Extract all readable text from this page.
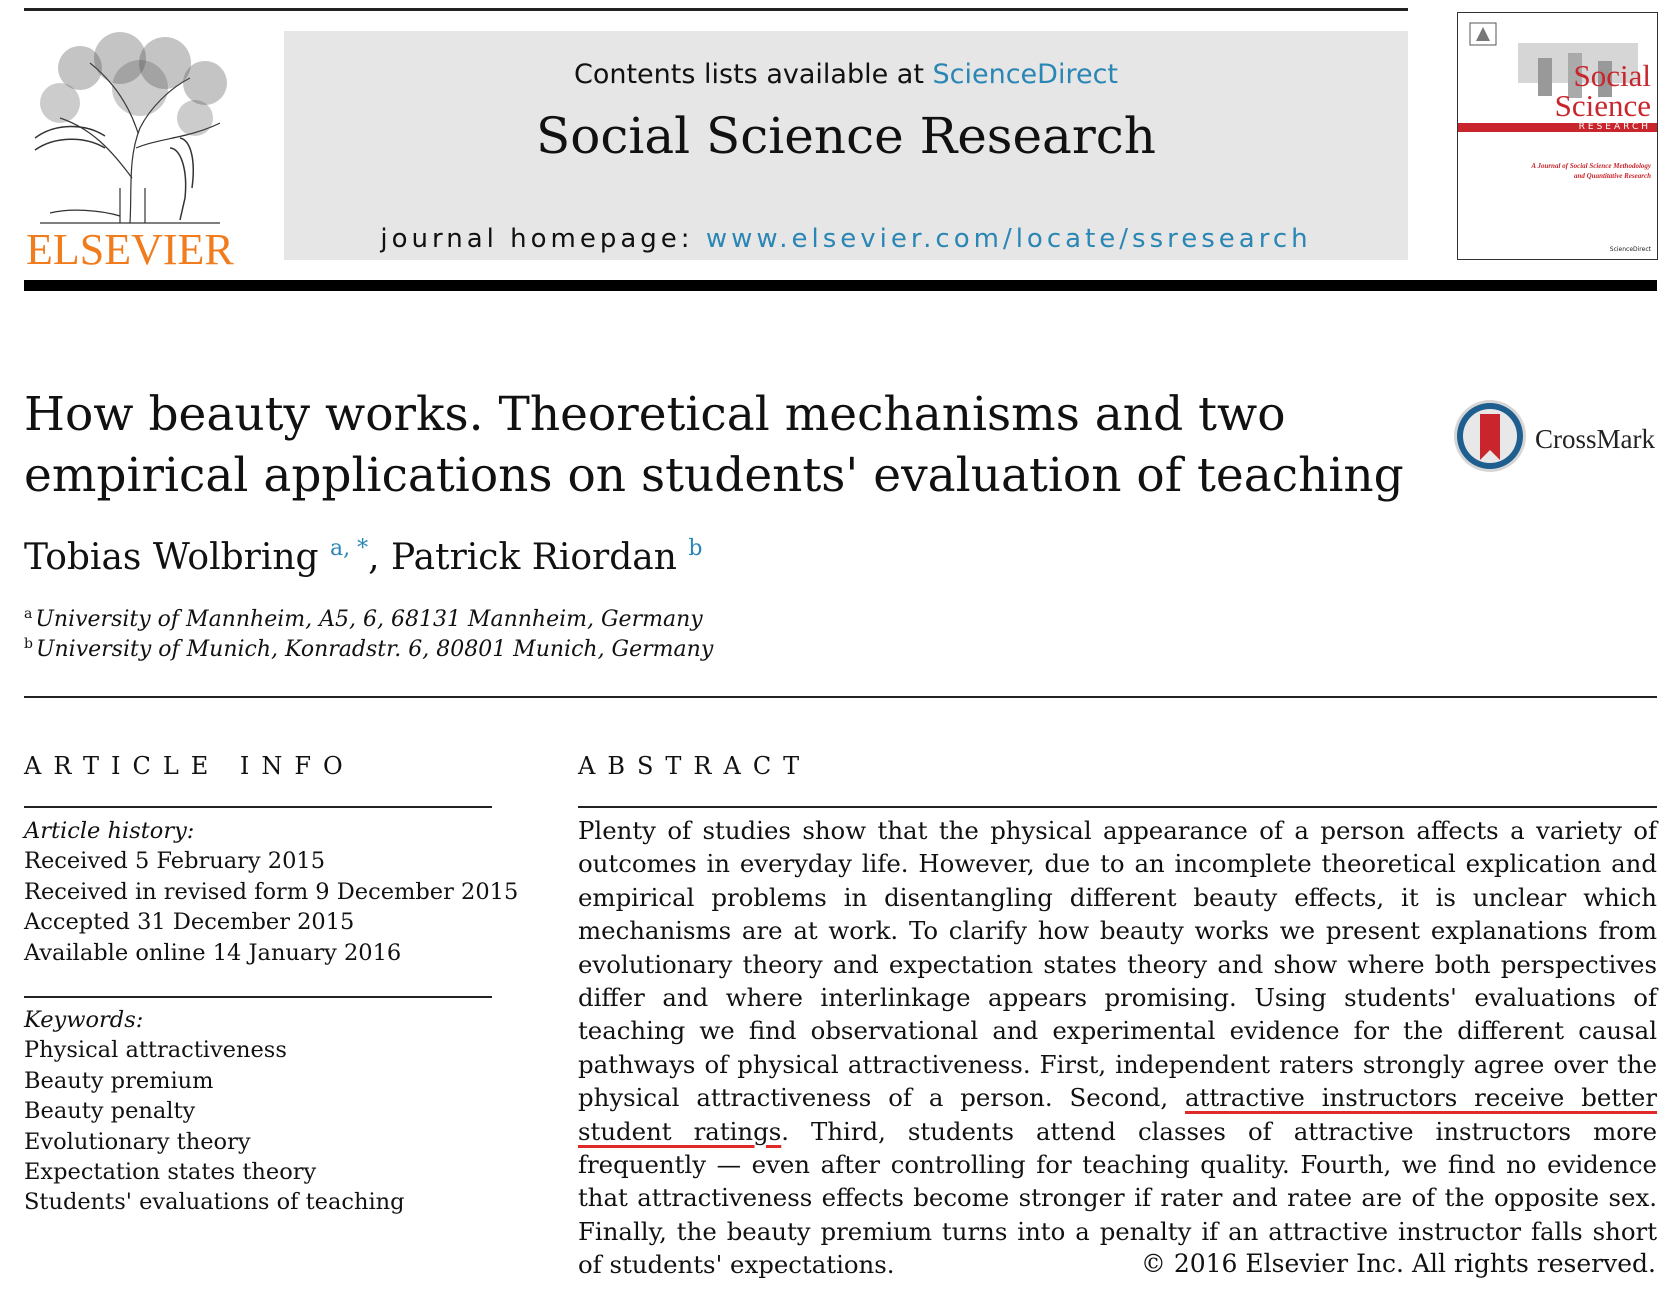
ELSEVIER
Contents lists available at ScienceDirect
Social Science Research
journal homepage: www.elsevier.com/locate/ssresearch
Social
Science
RESEARCH
A Journal of Social Science Methodology and Quantitative Research
ScienceDirect
How beauty works. Theoretical mechanisms and two
empirical applications on students' evaluation of teaching
CrossMark
Tobias Wolbring $^{a, *}$, Patrick Riordan $^b$
$^a$ University of Mannheim, A5, 6, 68131 Mannheim, Germany
$^b$ University of Munich, Konradstr. 6, 80801 Munich, Germany
ARTICLE INFO
Article history:
Received 5 February 2015
Received in revised form 9 December 2015
Accepted 31 December 2015
Available online 14 January 2016
Keywords:
Physical attractiveness
Beauty premium
Beauty penalty
Evolutionary theory
Expectation states theory
Students' evaluations of teaching
ABSTRACT

Plenty of studies show that the physical appearance of a person affects a variety of outcomes in everyday life. However, due to an incomplete theoretical explication and empirical problems in disentangling different beauty effects, it is unclear which mechanisms are at work. To clarify how beauty works we present explanations from evolutionary theory and expectation states theory and show where both perspectives differ and where interlinkage appears promising. Using students' evaluations of teaching we find observational and experimental evidence for the different causal pathways of physical attractiveness. First, independent raters strongly agree over the physical attractiveness of a person. Second, attractive instructors receive better student ratings. Third, students attend classes of attractive instructors more frequently — even after controlling for teaching quality. Fourth, we find no evidence that attractiveness effects become stronger if rater and ratee are of the opposite sex. Finally, the beauty premium turns into a penalty if an attractive instructor falls short of students' expectations.	© 2016 Elsevier Inc. All rights reserved.
